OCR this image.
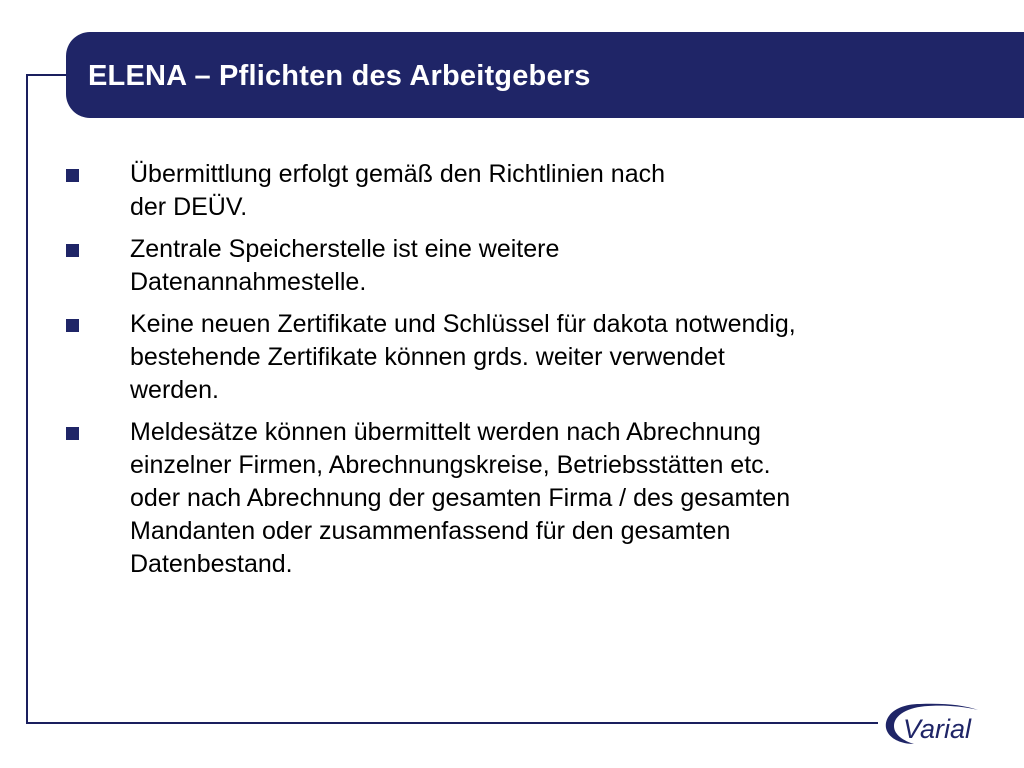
ELENA – Pflichten des Arbeitgebers
Übermittlung erfolgt gemäß den Richtlinien nach
der DEÜV.
Zentrale Speicherstelle ist eine weitere
Datenannahmestelle.
Keine neuen Zertifikate und Schlüssel für dakota notwendig,
bestehende Zertifikate können grds. weiter verwendet
werden.
Meldesätze können übermittelt werden nach Abrechnung
einzelner Firmen, Abrechnungskreise, Betriebsstätten etc.
oder nach Abrechnung der gesamten Firma / des gesamten
Mandanten oder zusammenfassend für den gesamten
Datenbestand.
Varial
